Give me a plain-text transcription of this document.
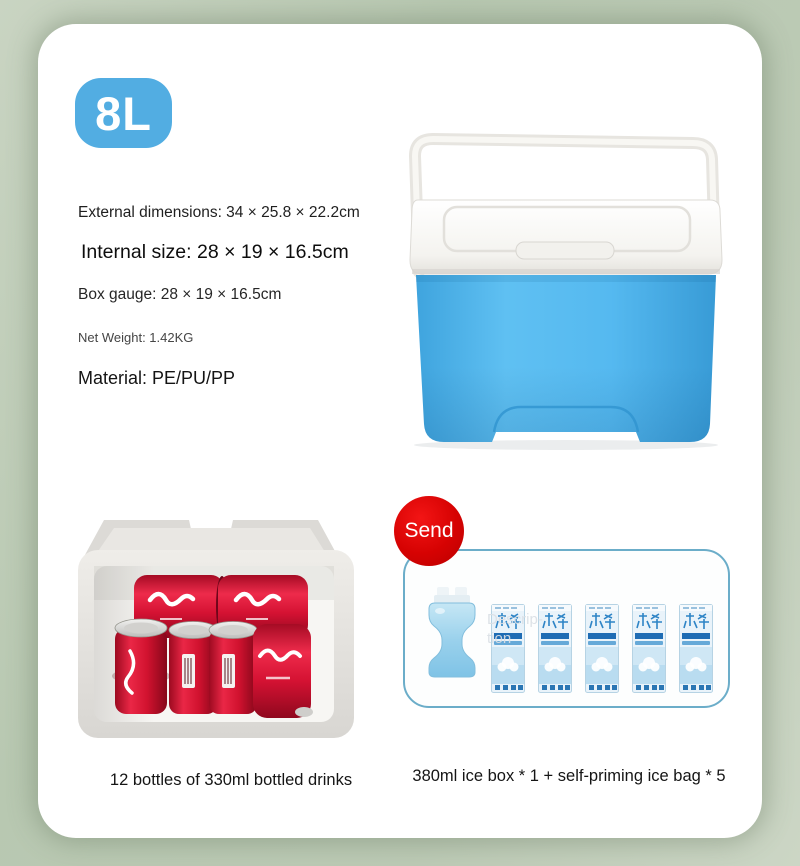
8L
External dimensions: 34 × 25.8 × 22.2cm
Internal size: 28 × 19 × 16.5cm
Box gauge: 28 × 19 × 16.5cm
Net Weight: 1.42KG
Material: PE/PU/PP
Send
Descrip-tion
12 bottles of 330ml bottled drinks	380ml ice box * 1 + self-priming ice bag * 5
